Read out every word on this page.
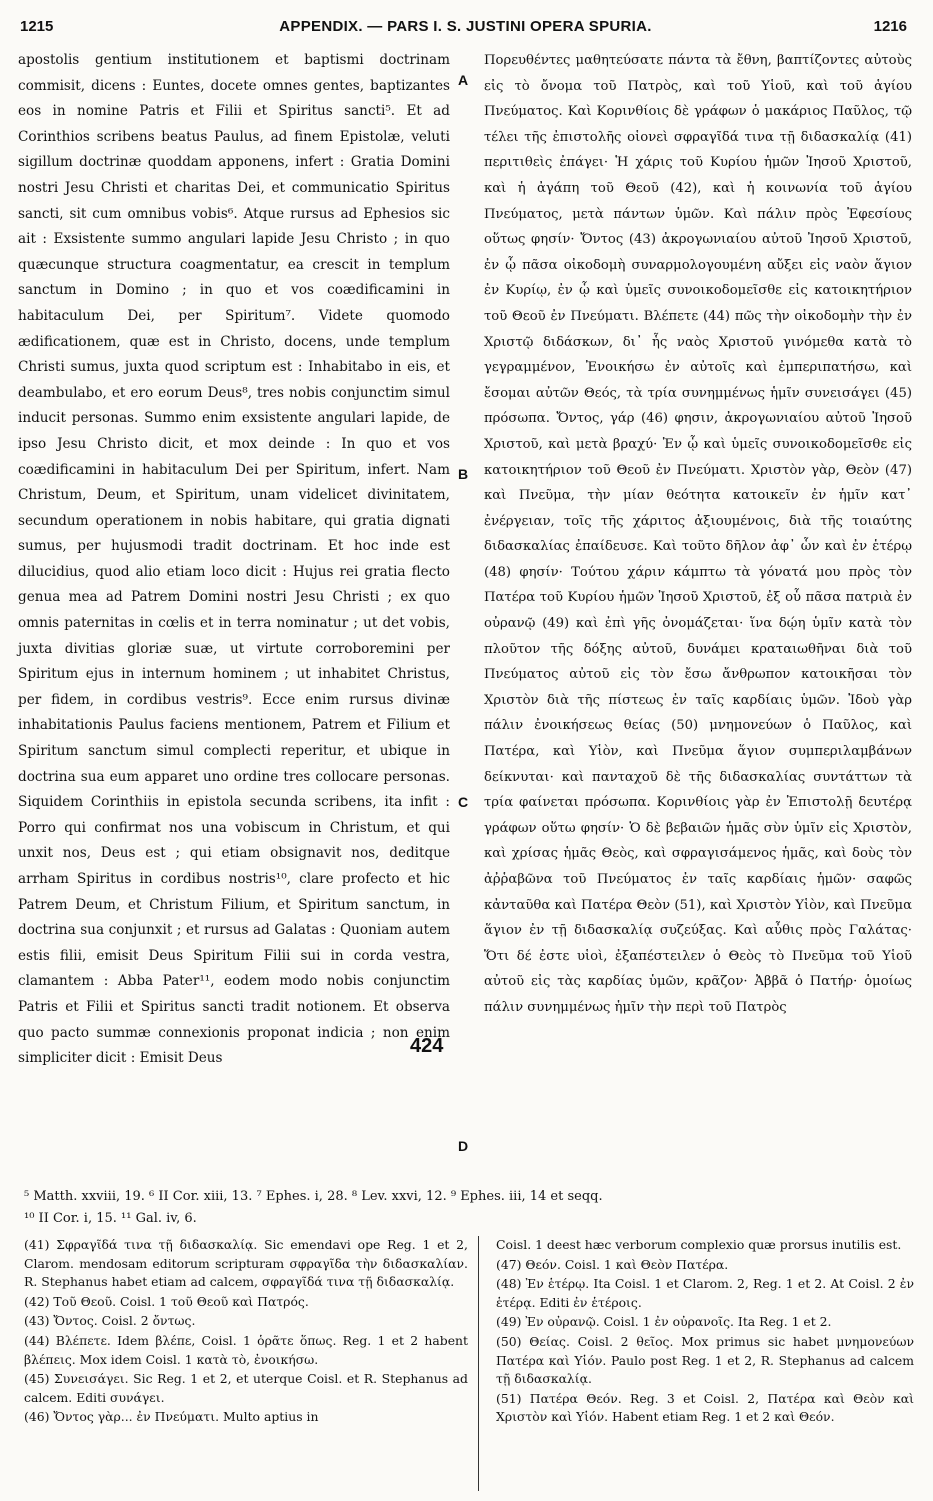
1215	APPENDIX. — PARS I. S. JUSTINI OPERA SPURIA.	1216

apostolis gentium institutionem et baptismi doctrinam commisit, dicens : Euntes, docete omnes gentes, baptizantes eos in nomine Patris et Filii et Spiritus sancti⁵. Et ad Corinthios scribens beatus Paulus, ad finem Epistolæ, veluti sigillum doctrinæ quoddam apponens, infert : Gratia Domini nostri Jesu Christi et charitas Dei, et communicatio Spiritus sancti, sit cum omnibus vobis⁶. Atque rursus ad Ephesios sic ait : Exsistente summo angulari lapide Jesu Christo ; in quo quæcunque structura coagmentatur, ea crescit in templum sanctum in Domino ; in quo et vos coædificamini in habitaculum Dei, per Spiritum⁷. Videte quomodo ædificationem, quæ est in Christo, docens, unde templum Christi sumus, juxta quod scriptum est : Inhabitabo in eis, et deambulabo, et ero eorum Deus⁸, tres nobis conjunctim simul inducit personas. Summo enim exsistente angulari lapide, de ipso Jesu Christo dicit, et mox deinde : In quo et vos coædificamini in habitaculum Dei per Spiritum, infert. Nam Christum, Deum, et Spiritum, unam videlicet divinitatem, secundum operationem in nobis habitare, qui gratia dignati sumus, per hujusmodi tradit doctrinam. Et hoc inde est dilucidius, quod alio etiam loco dicit : Hujus rei gratia flecto genua mea ad Patrem Domini nostri Jesu Christi ; ex quo omnis paternitas in cœlis et in terra nominatur ; ut det vobis, juxta divitias gloriæ suæ, ut virtute corroboremini per Spiritum ejus in internum hominem ; ut inhabitet Christus, per fidem, in cordibus vestris⁹. Ecce enim rursus divinæ inhabitationis Paulus faciens mentionem, Patrem et Filium et Spiritum sanctum simul complecti reperitur, et ubique in doctrina sua eum apparet uno ordine tres collocare personas. Siquidem Corinthiis in epistola secunda scribens, ita infit : Porro qui confirmat nos una vobiscum in Christum, et qui unxit nos, Deus est ; qui etiam obsignavit nos, deditque arrham Spiritus in cordibus nostris¹⁰, clare profecto et hic Patrem Deum, et Christum Filium, et Spiritum sanctum, in doctrina sua conjunxit ; et rursus ad Galatas : Quoniam autem estis filii, emisit Deus Spiritum Filii sui in corda vestra, clamantem : Abba Pater¹¹, eodem modo nobis conjunctim Patris et Filii et Spiritus sancti tradit notionem. Et observa quo pacto summæ connexionis proponat indicia ; non enim simpliciter dicit : Emisit Deus

A
B
C
D
424

Πορευθέντες μαθητεύσατε πάντα τὰ ἔθνη, βαπτίζοντες αὐτοὺς εἰς τὸ ὄνομα τοῦ Πατρὸς, καὶ τοῦ Υἱοῦ, καὶ τοῦ ἁγίου Πνεύματος. Καὶ Κορινθίοις δὲ γράφων ὁ μακάριος Παῦλος, τῷ τέλει τῆς ἐπιστολῆς οἱονεὶ σφραγῖδά τινα τῇ διδασκαλίᾳ (41) περιτιθεὶς ἐπάγει· Ἡ χάρις τοῦ Κυρίου ἡμῶν Ἰησοῦ Χριστοῦ, καὶ ἡ ἀγάπη τοῦ Θεοῦ (42), καὶ ἡ κοινωνία τοῦ ἁγίου Πνεύματος, μετὰ πάντων ὑμῶν. Καὶ πάλιν πρὸς Ἐφεσίους οὕτως φησίν· Ὄντος (43) ἀκρογωνιαίου αὐτοῦ Ἰησοῦ Χριστοῦ, ἐν ᾧ πᾶσα οἰκοδομὴ συναρμολογουμένη αὔξει εἰς ναὸν ἅγιον ἐν Κυρίῳ, ἐν ᾧ καὶ ὑμεῖς συνοικοδομεῖσθε εἰς κατοικητήριον τοῦ Θεοῦ ἐν Πνεύματι. Βλέπετε (44) πῶς τὴν οἰκοδομὴν τὴν ἐν Χριστῷ διδάσκων, δι᾽ ἧς ναὸς Χριστοῦ γινόμεθα κατὰ τὸ γεγραμμένον, Ἐνοικήσω ἐν αὐτοῖς καὶ ἐμπεριπατήσω, καὶ ἔσομαι αὐτῶν Θεός, τὰ τρία συνημμένως ἡμῖν συνεισάγει (45) πρόσωπα. Ὄντος, γάρ (46) φησιν, ἀκρογωνιαίου αὐτοῦ Ἰησοῦ Χριστοῦ, καὶ μετὰ βραχύ· Ἐν ᾧ καὶ ὑμεῖς συνοικοδομεῖσθε εἰς κατοικητήριον τοῦ Θεοῦ ἐν Πνεύματι. Χριστὸν γὰρ, Θεὸν (47) καὶ Πνεῦμα, τὴν μίαν θεότητα κατοικεῖν ἐν ἡμῖν κατ᾽ ἐνέργειαν, τοῖς τῆς χάριτος ἀξιουμένοις, διὰ τῆς τοιαύτης διδασκαλίας ἐπαίδευσε. Καὶ τοῦτο δῆλον ἀφ᾽ ὧν καὶ ἐν ἑτέρῳ (48) φησίν· Τούτου χάριν κάμπτω τὰ γόνατά μου πρὸς τὸν Πατέρα τοῦ Κυρίου ἡμῶν Ἰησοῦ Χριστοῦ, ἐξ οὗ πᾶσα πατριὰ ἐν οὐρανῷ (49) καὶ ἐπὶ γῆς ὀνομάζεται· ἵνα δῴη ὑμῖν κατὰ τὸν πλοῦτον τῆς δόξης αὐτοῦ, δυνάμει κραταιωθῆναι διὰ τοῦ Πνεύματος αὐτοῦ εἰς τὸν ἔσω ἄνθρωπον κατοικῆσαι τὸν Χριστὸν διὰ τῆς πίστεως ἐν ταῖς καρδίαις ὑμῶν. Ἰδοὺ γὰρ πάλιν ἐνοικήσεως θείας (50) μνημονεύων ὁ Παῦλος, καὶ Πατέρα, καὶ Υἱὸν, καὶ Πνεῦμα ἅγιον συμπεριλαμβάνων δείκνυται· καὶ πανταχοῦ δὲ τῆς διδασκαλίας συντάττων τὰ τρία φαίνεται πρόσωπα. Κορινθίοις γὰρ ἐν Ἐπιστολῇ δευτέρᾳ γράφων οὕτω φησίν· Ὁ δὲ βεβαιῶν ἡμᾶς σὺν ὑμῖν εἰς Χριστὸν, καὶ χρίσας ἡμᾶς Θεὸς, καὶ σφραγισάμενος ἡμᾶς, καὶ δοὺς τὸν ἀῤῥαβῶνα τοῦ Πνεύματος ἐν ταῖς καρδίαις ἡμῶν· σαφῶς κἀνταῦθα καὶ Πατέρα Θεὸν (51), καὶ Χριστὸν Υἱὸν, καὶ Πνεῦμα ἅγιον ἐν τῇ διδασκαλίᾳ συζεύξας. Καὶ αὖθις πρὸς Γαλάτας· Ὅτι δέ ἐστε υἱοὶ, ἐξαπέστειλεν ὁ Θεὸς τὸ Πνεῦμα τοῦ Υἱοῦ αὐτοῦ εἰς τὰς καρδίας ὑμῶν, κρᾶζον· Ἀββᾶ ὁ Πατήρ· ὁμοίως πάλιν συνημμένως ἡμῖν τὴν περὶ τοῦ Πατρὸς

⁵ Matth. xxviii, 19. ⁶ II Cor. xiii, 13. ⁷ Ephes. i, 28. ⁸ Lev. xxvi, 12. ⁹ Ephes. iii, 14 et seqq.

¹⁰ II Cor. i, 15. ¹¹ Gal. iv, 6.

(41) Σφραγῖδά τινα τῇ διδασκαλίᾳ. Sic emendavi ope Reg. 1 et 2, Clarom. mendosam editorum scripturam σφραγῖδα τὴν διδασκαλίαν. R. Stephanus habet etiam ad calcem, σφραγῖδά τινα τῇ διδασκαλίᾳ.

(42) Τοῦ Θεοῦ. Coisl. 1 τοῦ Θεοῦ καὶ Πατρός.

(43) Ὄντος. Coisl. 2 ὄντως.

(44) Βλέπετε. Idem βλέπε, Coisl. 1 ὁρᾶτε ὅπως. Reg. 1 et 2 habent βλέπεις. Mox idem Coisl. 1 κατὰ τὸ, ἐνοικήσω.

(45) Συνεισάγει. Sic Reg. 1 et 2, et uterque Coisl. et R. Stephanus ad calcem. Editi συνάγει.

(46) Ὄντος γὰρ... ἐν Πνεύματι. Multo aptius in

Coisl. 1 deest hæc verborum complexio quæ prorsus inutilis est.

(47) Θεόν. Coisl. 1 καὶ Θεὸν Πατέρα.

(48) Ἐν ἑτέρῳ. Ita Coisl. 1 et Clarom. 2, Reg. 1 et 2. At Coisl. 2 ἐν ἑτέρᾳ. Editi ἐν ἑτέροις.

(49) Ἐν οὐρανῷ. Coisl. 1 ἐν οὐρανοῖς. Ita Reg. 1 et 2.

(50) Θείας. Coisl. 2 θεῖος. Mox primus sic habet μνημονεύων Πατέρα καὶ Υἱόν. Paulo post Reg. 1 et 2, R. Stephanus ad calcem τῇ διδασκαλίᾳ.

(51) Πατέρα Θεόν. Reg. 3 et Coisl. 2, Πατέρα καὶ Θεὸν καὶ Χριστὸν καὶ Υἱόν. Habent etiam Reg. 1 et 2 καὶ Θεόν.
